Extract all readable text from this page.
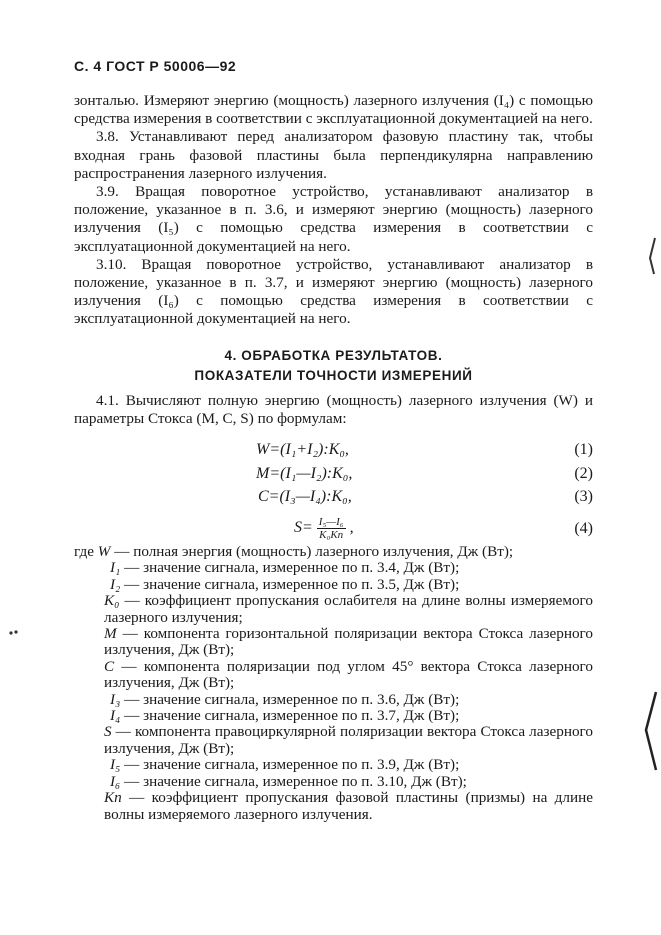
С. 4 ГОСТ Р 50006—92

зонталью. Измеряют энергию (мощность) лазерного излучения (I₄) с помощью средства измерения в соответствии с эксплуатационной документацией на него.

3.8. Устанавливают перед анализатором фазовую пластину так, чтобы входная грань фазовой пластины была перпендикулярна направлению распространения лазерного излучения.

3.9. Вращая поворотное устройство, устанавливают анализатор в положение, указанное в п. 3.6, и измеряют энергию (мощность) лазерного излучения (I₅) с помощью средства измерения в соответствии с эксплуатационной документацией на него.

3.10. Вращая поворотное устройство, устанавливают анализатор в положение, указанное в п. 3.7, и измеряют энергию (мощность) лазерного излучения (I₆) с помощью средства измерения в соответствии с эксплуатационной документацией на него.

4. ОБРАБОТКА РЕЗУЛЬТАТОВ.
ПОКАЗАТЕЛИ ТОЧНОСТИ ИЗМЕРЕНИЙ

4.1. Вычисляют полную энергию (мощность) лазерного излучения (W) и параметры Стокса (M, C, S) по формулам:

W=(I₁+I₂):K₀,	(1)
M=(I₁—I₂):K₀,	(2)
C=(I₃—I₄):K₀,	(3)
$S= \frac{\text{I₅—I₆}}{\text{K₀Kп}}$ ,	(4)
где W — полная энергия (мощность) лазерного излучения, Дж (Вт);
I₁ — значение сигнала, измеренное по п. 3.4, Дж (Вт);
I₂ — значение сигнала, измеренное по п. 3.5, Дж (Вт);
K₀ — коэффициент пропускания ослабителя на длине волны измеряемого лазерного излучения;
M — компонента горизонтальной поляризации вектора Стокса лазерного излучения, Дж (Вт);
C — компонента поляризации под углом 45° вектора Стокса лазерного излучения, Дж (Вт);
I₃ — значение сигнала, измеренное по п. 3.6, Дж (Вт);
I₄ — значение сигнала, измеренное по п. 3.7, Дж (Вт);
S — компонента правоциркулярной поляризации вектора Стокса лазерного излучения, Дж (Вт);
I₅ — значение сигнала, измеренное по п. 3.9, Дж (Вт);
I₆ — значение сигнала, измеренное по п. 3.10, Дж (Вт);
Kп — коэффициент пропускания фазовой пластины (призмы) на длине волны измеряемого лазерного излучения.
